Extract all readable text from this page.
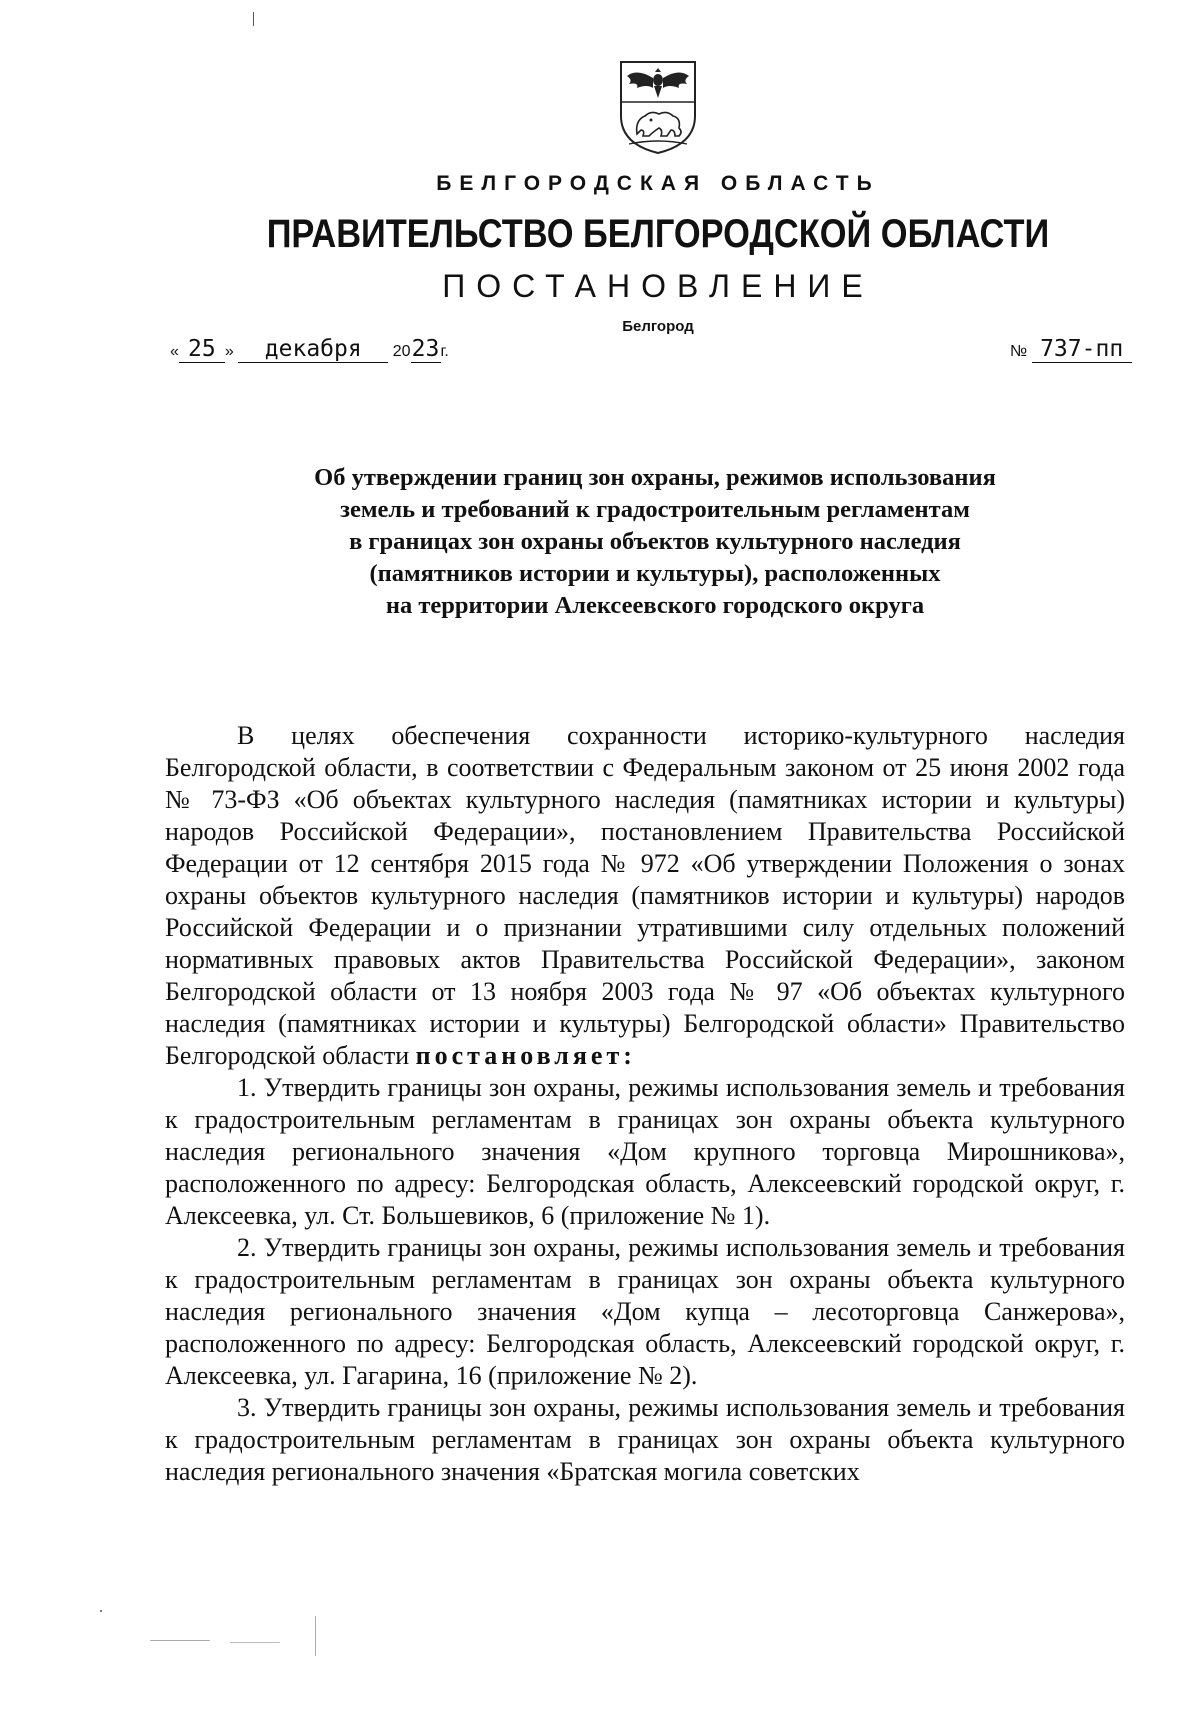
БЕЛГОРОДСКАЯ ОБЛАСТЬ
ПРАВИТЕЛЬСТВО БЕЛГОРОДСКОЙ ОБЛАСТИ
ПОСТАНОВЛЕНИЕ
Белгород
« 25 » декабря 2023г.	№ 737-пп
Об утверждении границ зон охраны, режимов использования
земель и требований к градостроительным регламентам
в границах зон охраны объектов культурного наследия
(памятников истории и культуры), расположенных
на территории Алексеевского городского округа

В целях обеспечения сохранности историко-культурного наследия Белгородской области, в соответствии с Федеральным законом от 25 июня 2002 года № 73-ФЗ «Об объектах культурного наследия (памятниках истории и культуры) народов Российской Федерации», постановлением Правительства Российской Федерации от 12 сентября 2015 года № 972 «Об утверждении Положения о зонах охраны объектов культурного наследия (памятников истории и культуры) народов Российской Федерации и о признании утратившими силу отдельных положений нормативных правовых актов Правительства Российской Федерации», законом Белгородской области от 13 ноября 2003 года № 97 «Об объектах культурного наследия (памятниках истории и культуры) Белгородской области» Правительство Белгородской области постановляет:

1. Утвердить границы зон охраны, режимы использования земель и требования к градостроительным регламентам в границах зон охраны объекта культурного наследия регионального значения «Дом крупного торговца Мирошникова», расположенного по адресу: Белгородская область, Алексеевский городской округ, г. Алексеевка, ул. Ст. Большевиков, 6 (приложение № 1).

2. Утвердить границы зон охраны, режимы использования земель и требования к градостроительным регламентам в границах зон охраны объекта культурного наследия регионального значения «Дом купца – лесоторговца Санжерова», расположенного по адресу: Белгородская область, Алексеевский городской округ, г. Алексеевка, ул. Гагарина, 16 (приложение № 2).

3. Утвердить границы зон охраны, режимы использования земель и требования к градостроительным регламентам в границах зон охраны объекта культурного наследия регионального значения «Братская могила советских
